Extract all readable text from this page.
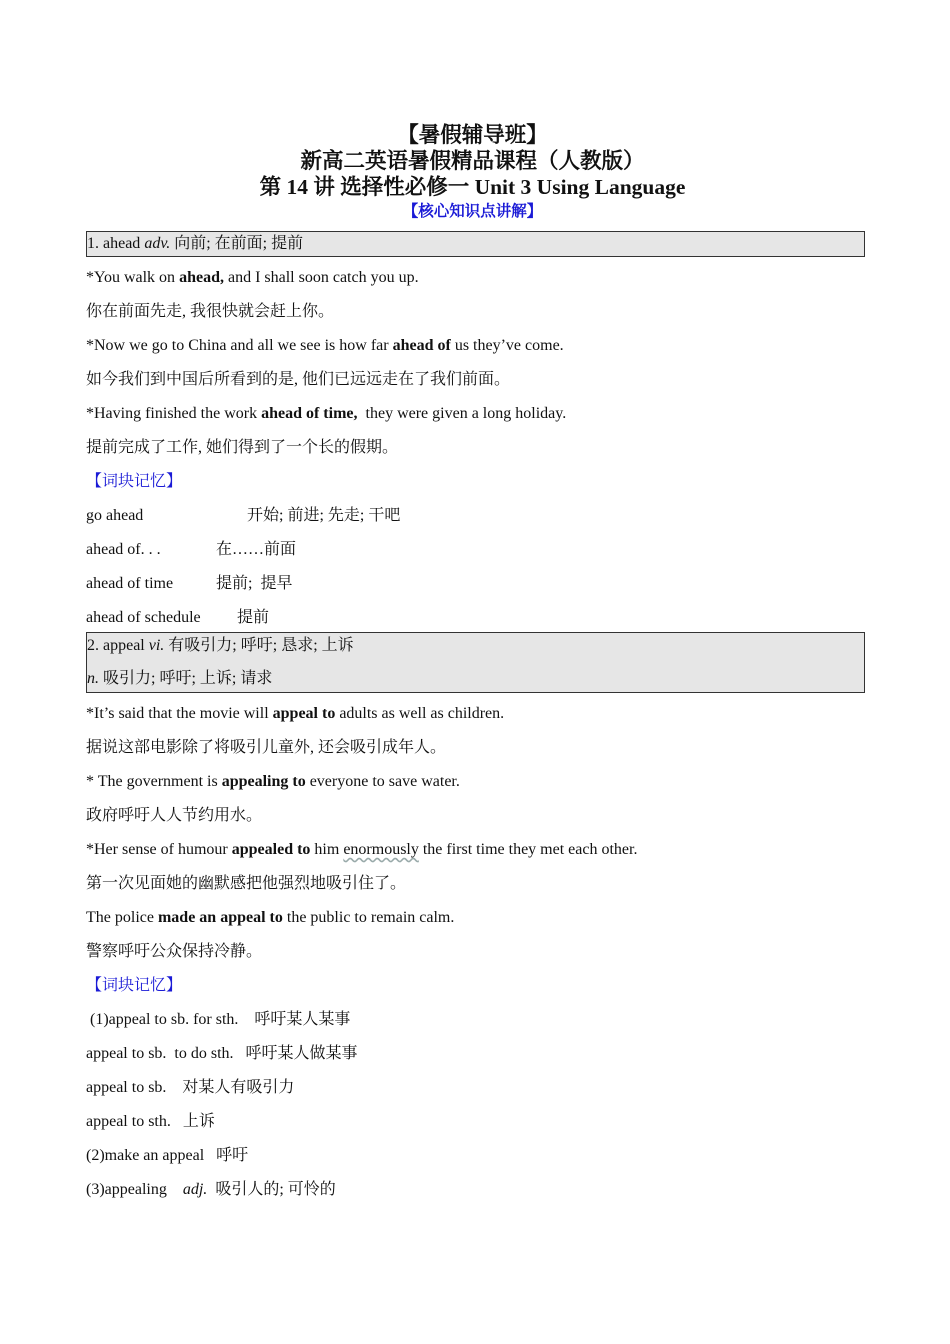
【暑假辅导班】
新高二英语暑假精品课程（人教版）
第 14 讲 选择性必修一 Unit 3 Using Language
【核心知识点讲解】
1. ahead adv. 向前; 在前面; 提前
*You walk on ahead, and I shall soon catch you up.
你在前面先走, 我很快就会赶上你。
*Now we go to China and all we see is how far ahead of us they’ve come.
如今我们到中国后所看到的是, 他们已远远走在了我们前面。
*Having finished the work ahead of time,  they were given a long holiday.
提前完成了工作, 她们得到了一个长的假期。
【词块记忆】
go ahead	开始; 前进; 先走; 干吧
ahead of. . .	在……前面
ahead of time	提前;  提早
ahead of schedule 提前
2. appeal vi. 有吸引力; 呼吁; 恳求; 上诉
n. 吸引力; 呼吁; 上诉; 请求
*It’s said that the movie will appeal to adults as well as children.
据说这部电影除了将吸引儿童外, 还会吸引成年人。
* The government is appealing to everyone to save water.
政府呼吁人人节约用水。
*Her sense of humour appealed to him enormously the first time they met each other.
第一次见面她的幽默感把他强烈地吸引住了。
The police made an appeal to the public to remain calm.
警察呼吁公众保持冷静。
【词块记忆】
(1)appeal to sb. for sth.    呼吁某人某事
appeal to sb.  to do sth.   呼吁某人做某事
appeal to sb.    对某人有吸引力
appeal to sth.   上诉
(2)make an appeal   呼吁
(3)appealing    adj.  吸引人的; 可怜的
